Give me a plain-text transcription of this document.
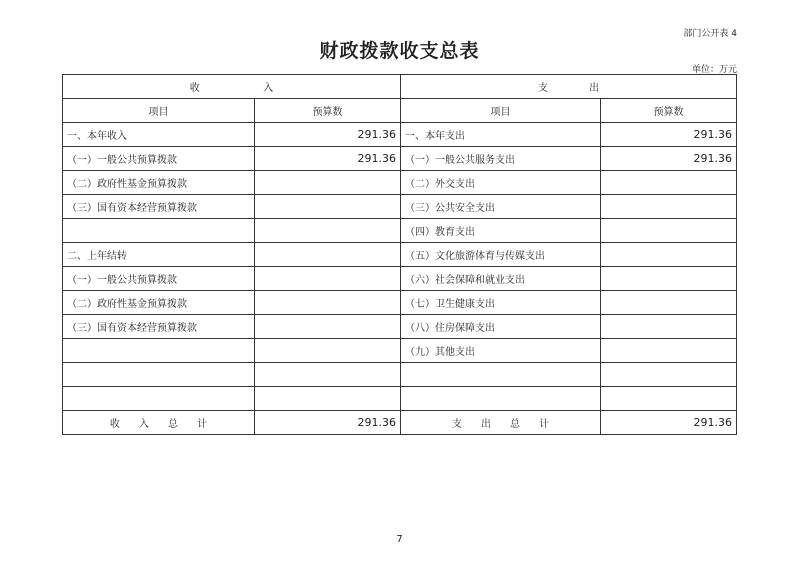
部门公开表 4
财政拨款收支总表
单位：万元
收                    入		支             出	
项目	预算数	项目	预算数
一、本年收入	291.36	一、本年支出	291.36
（一）一般公共预算拨款	291.36	（一）一般公共服务支出	291.36
（二）政府性基金预算拨款		（二）外交支出	
（三）国有资本经营预算拨款		（三）公共安全支出	
		（四）教育支出	
二、上年结转		（五）文化旅游体育与传媒支出	
（一）一般公共预算拨款		（六）社会保障和就业支出	
（二）政府性基金预算拨款		（七）卫生健康支出	
（三）国有资本经营预算拨款		（八）住房保障支出	
		（九）其他支出	

收      入      总      计	291.36	支      出      总      计	291.36
7
